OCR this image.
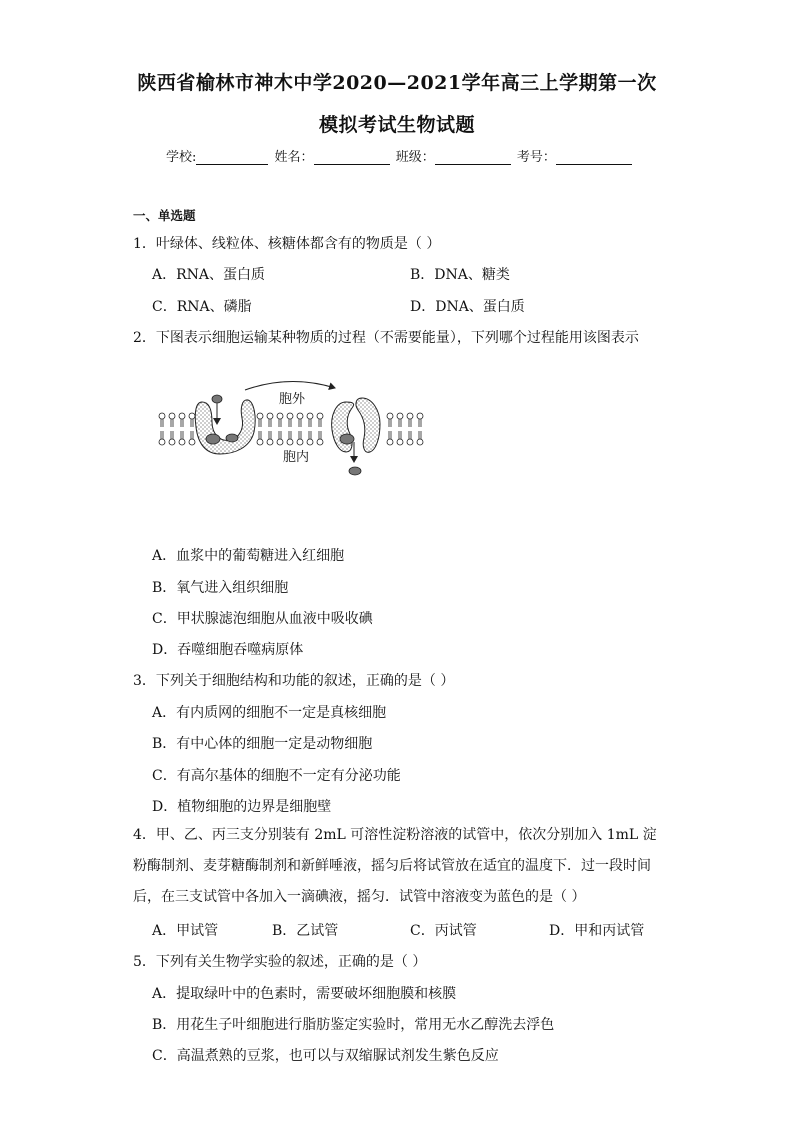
陕西省榆林市神木中学2020—2021学年高三上学期第一次
模拟考试生物试题
学校:	姓名：	班级：	考号：
一、单选题
1．叶绿体、线粒体、核糖体都含有的物质是（ ）
A．RNA、蛋白质	B．DNA、糖类
C．RNA、磷脂	D．DNA、蛋白质
2．下图表示细胞运输某种物质的过程（不需要能量），下列哪个过程能用该图表示
胞外
胞内
A．血浆中的葡萄糖进入红细胞
B．氧气进入组织细胞
C．甲状腺滤泡细胞从血液中吸收碘
D．吞噬细胞吞噬病原体
3．下列关于细胞结构和功能的叙述，正确的是（ ）
A．有内质网的细胞不一定是真核细胞
B．有中心体的细胞一定是动物细胞
C．有高尔基体的细胞不一定有分泌功能
D．植物细胞的边界是细胞壁
4．甲、乙、丙三支分别装有 2mL 可溶性淀粉溶液的试管中，依次分别加入 1mL 淀粉酶制剂、麦芽糖酶制剂和新鲜唾液，摇匀后将试管放在适宜的温度下．过一段时间后，在三支试管中各加入一滴碘液，摇匀．试管中溶液变为蓝色的是（ ）
A．甲试管	B．乙试管	C．丙试管	D．甲和丙试管
5．下列有关生物学实验的叙述，正确的是（ ）
A．提取绿叶中的色素时，需要破坏细胞膜和核膜
B．用花生子叶细胞进行脂肪鉴定实验时，常用无水乙醇洗去浮色
C．高温煮熟的豆浆，也可以与双缩脲试剂发生紫色反应
